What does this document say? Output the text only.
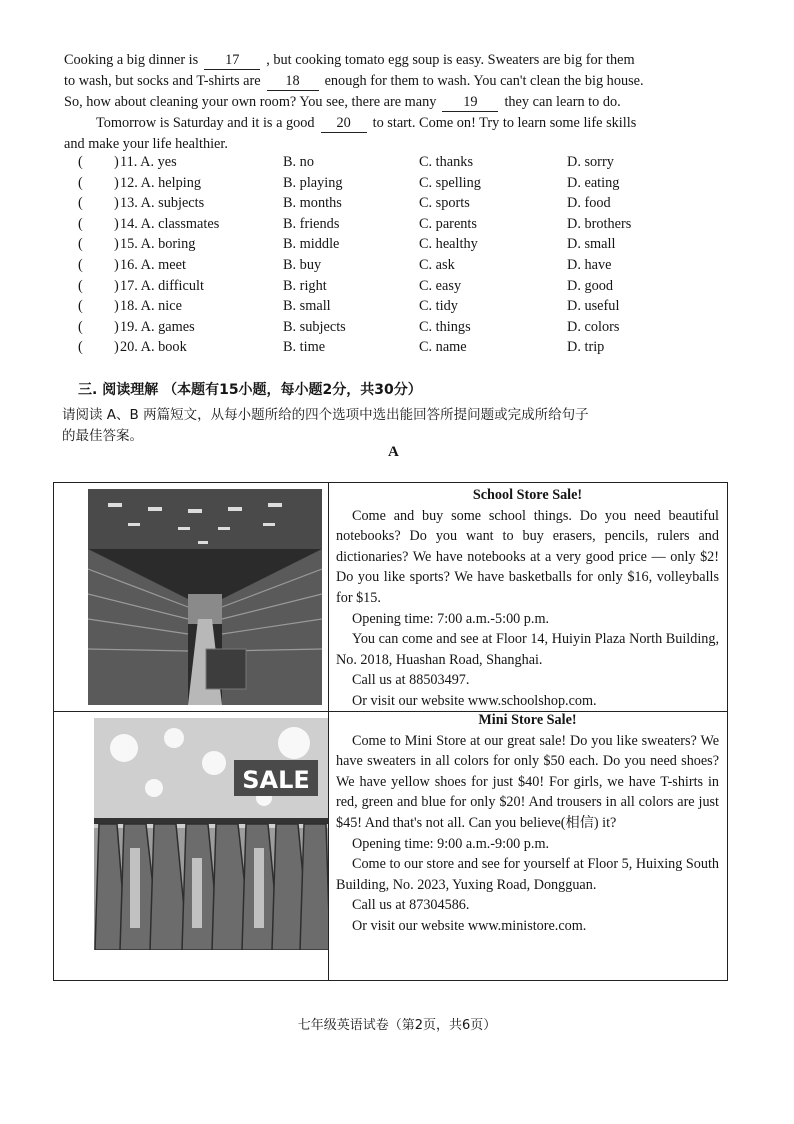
Cooking a big dinner is 17 , but cooking tomato egg soup is easy. Sweaters are big for them
to wash, but socks and T-shirts are 18 enough for them to wash. You can't clean the big house.
So, how about cleaning your own room? You see, there are many 19 they can learn to do.
Tomorrow is Saturday and it is a good 20 to start. Come on! Try to learn some life skills
and make your life healthier.
( ) 11. A. yes	B. no	C. thanks	D. sorry
( ) 12. A. helping	B. playing	C. spelling	D. eating
( ) 13. A. subjects	B. months	C. sports	D. food
( ) 14. A. classmates	B. friends	C. parents	D. brothers
( ) 15. A. boring	B. middle	C. healthy	D. small
( ) 16. A. meet	B. buy	C. ask	D. have
( ) 17. A. difficult	B. right	C. easy	D. good
( ) 18. A. nice	B. small	C. tidy	D. useful
( ) 19. A. games	B. subjects	C. things	D. colors
( ) 20. A. book	B. time	C. name	D. trip
三. 阅读理解 （本题有15小题，每小题2分，共30分）
请阅读 A、B 两篇短文，从每小题所给的四个选项中选出能回答所提问题或完成所给句子
的最佳答案。
A

School Store Sale!

Come and buy some school things. Do you need beautiful notebooks? Do you want to buy erasers, pencils, rulers and dictionaries? We have notebooks at a very good price — only $2! Do you like sports? We have basketballs for only $16, volleyballs for $15.

Opening time: 7:00 a.m.-5:00 p.m.

You can come and see at Floor 14, Huiyin Plaza North Building, No. 2018, Huashan Road, Shanghai.

Call us at 88503497.

Or visit our website www.schoolshop.com.

SALE

Mini Store Sale!

Come to Mini Store at our great sale! Do you like sweaters? We have sweaters in all colors for only $50 each. Do you need shoes? We have yellow shoes for just $40! For girls, we have T-shirts in red, green and blue for only $20! And trousers in all colors are just $45! And that's not all. Can you believe(相信) it?

Opening time: 9:00 a.m.-9:00 p.m.

Come to our store and see for yourself at Floor 5, Huixing South Building, No. 2023, Yuxing Road, Dongguan.

Call us at 87304586.

Or visit our website www.ministore.com.

七年级英语试卷（第2页，共6页）
